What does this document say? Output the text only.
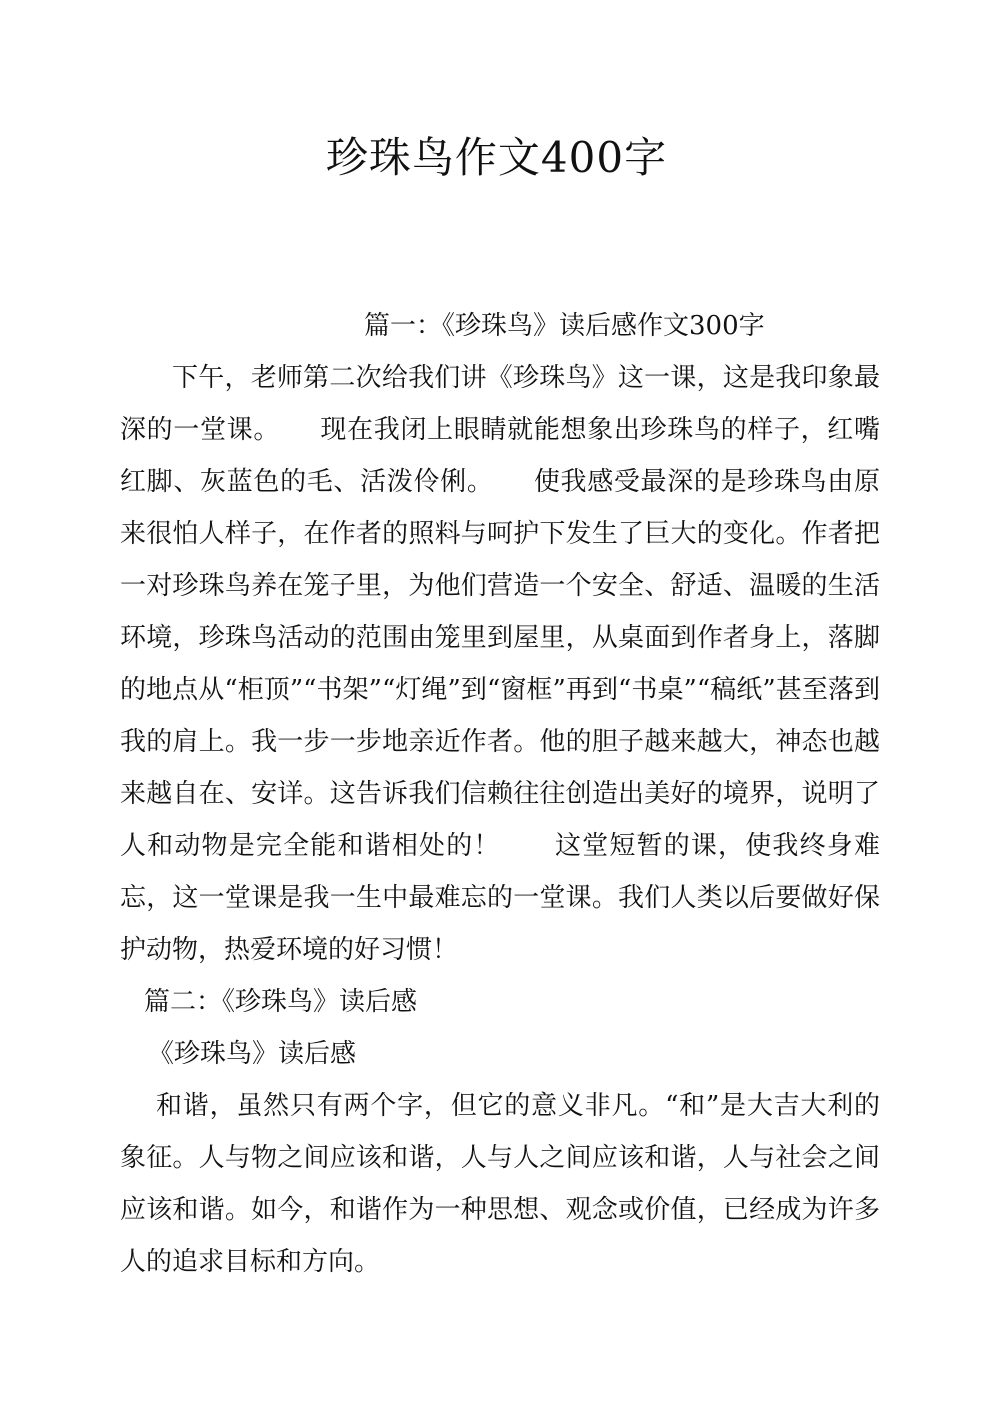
珍珠鸟作文400字

篇一：《珍珠鸟》读后感作文300字

下午，老师第二次给我们讲《珍珠鸟》这一课，这是我印象最深的一堂课。　　现在我闭上眼睛就能想象出珍珠鸟的样子，红嘴红脚、灰蓝色的毛、活泼伶俐。　　使我感受最深的是珍珠鸟由原来很怕人样子，在作者的照料与呵护下发生了巨大的变化。作者把一对珍珠鸟养在笼子里，为他们营造一个安全、舒适、温暖的生活环境，珍珠鸟活动的范围由笼里到屋里，从桌面到作者身上，落脚的地点从“柜顶”“书架”“灯绳”到“窗框”再到“书桌”“稿纸”甚至落到我的肩上。我一步一步地亲近作者。他的胆子越来越大，神态也越来越自在、安详。这告诉我们信赖往往创造出美好的境界，说明了人和动物是完全能和谐相处的！　　这堂短暂的课，使我终身难忘，这一堂课是我一生中最难忘的一堂课。我们人类以后要做好保护动物，热爱环境的好习惯！

篇二：《珍珠鸟》读后感

《珍珠鸟》读后感

和谐，虽然只有两个字，但它的意义非凡。“和”是大吉大利的象征。人与物之间应该和谐，人与人之间应该和谐，人与社会之间应该和谐。如今，和谐作为一种思想、观念或价值，已经成为许多人的追求目标和方向。
